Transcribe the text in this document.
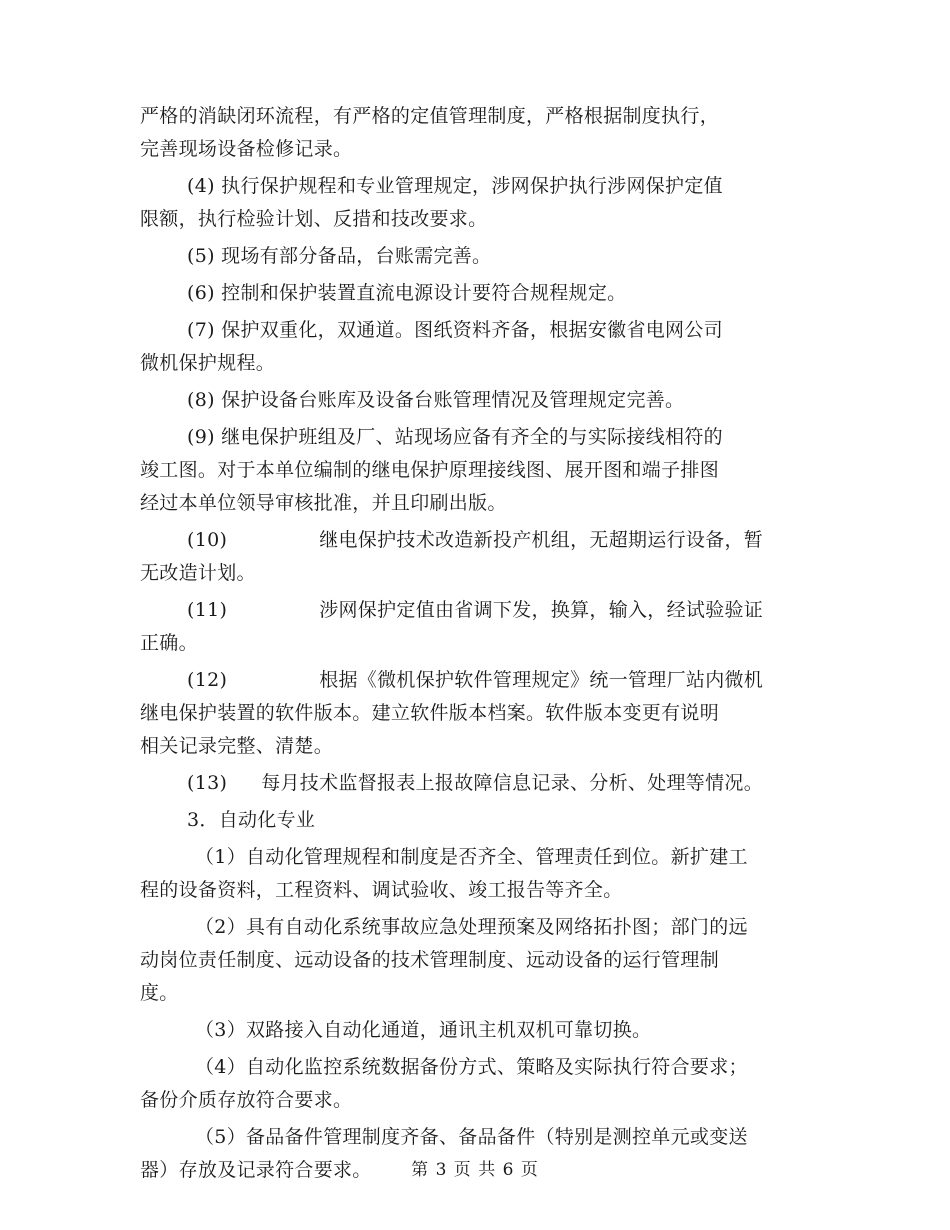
严格的消缺闭环流程，有严格的定值管理制度，严格根据制度执行，
完善现场设备检修记录。
(4) 执行保护规程和专业管理规定，涉网保护执行涉网保护定值
限额，执行检验计划、反措和技改要求。
(5) 现场有部分备品，台账需完善。
(6) 控制和保护装置直流电源设计要符合规程规定。
(7) 保护双重化，双通道。图纸资料齐备，根据安徽省电网公司
微机保护规程。
(8) 保护设备台账库及设备台账管理情况及管理规定完善。
(9) 继电保护班组及厂、站现场应备有齐全的与实际接线相符的
竣工图。对于本单位编制的继电保护原理接线图、展开图和端子排图
经过本单位领导审核批准，并且印刷出版。
(10)	继电保护技术改造新投产机组，无超期运行设备，暂
无改造计划。
(11)	涉网保护定值由省调下发，换算，输入，经试验验证
正确。
(12)	根据《微机保护软件管理规定》统一管理厂站内微机
继电保护装置的软件版本。建立软件版本档案。软件版本变更有说明
相关记录完整、清楚。
(13) 每月技术监督报表上报故障信息记录、分析、处理等情况。
3．自动化专业
（1）自动化管理规程和制度是否齐全、管理责任到位。新扩建工
程的设备资料，工程资料、调试验收、竣工报告等齐全。
（2）具有自动化系统事故应急处理预案及网络拓扑图；部门的远
动岗位责任制度、远动设备的技术管理制度、远动设备的运行管理制
度。
（3）双路接入自动化通道，通讯主机双机可靠切换。
（4）自动化监控系统数据备份方式、策略及实际执行符合要求；
备份介质存放符合要求。
（5）备品备件管理制度齐备、备品备件（特别是测控单元或变送
器）存放及记录符合要求。	第 3 页 共 6 页
